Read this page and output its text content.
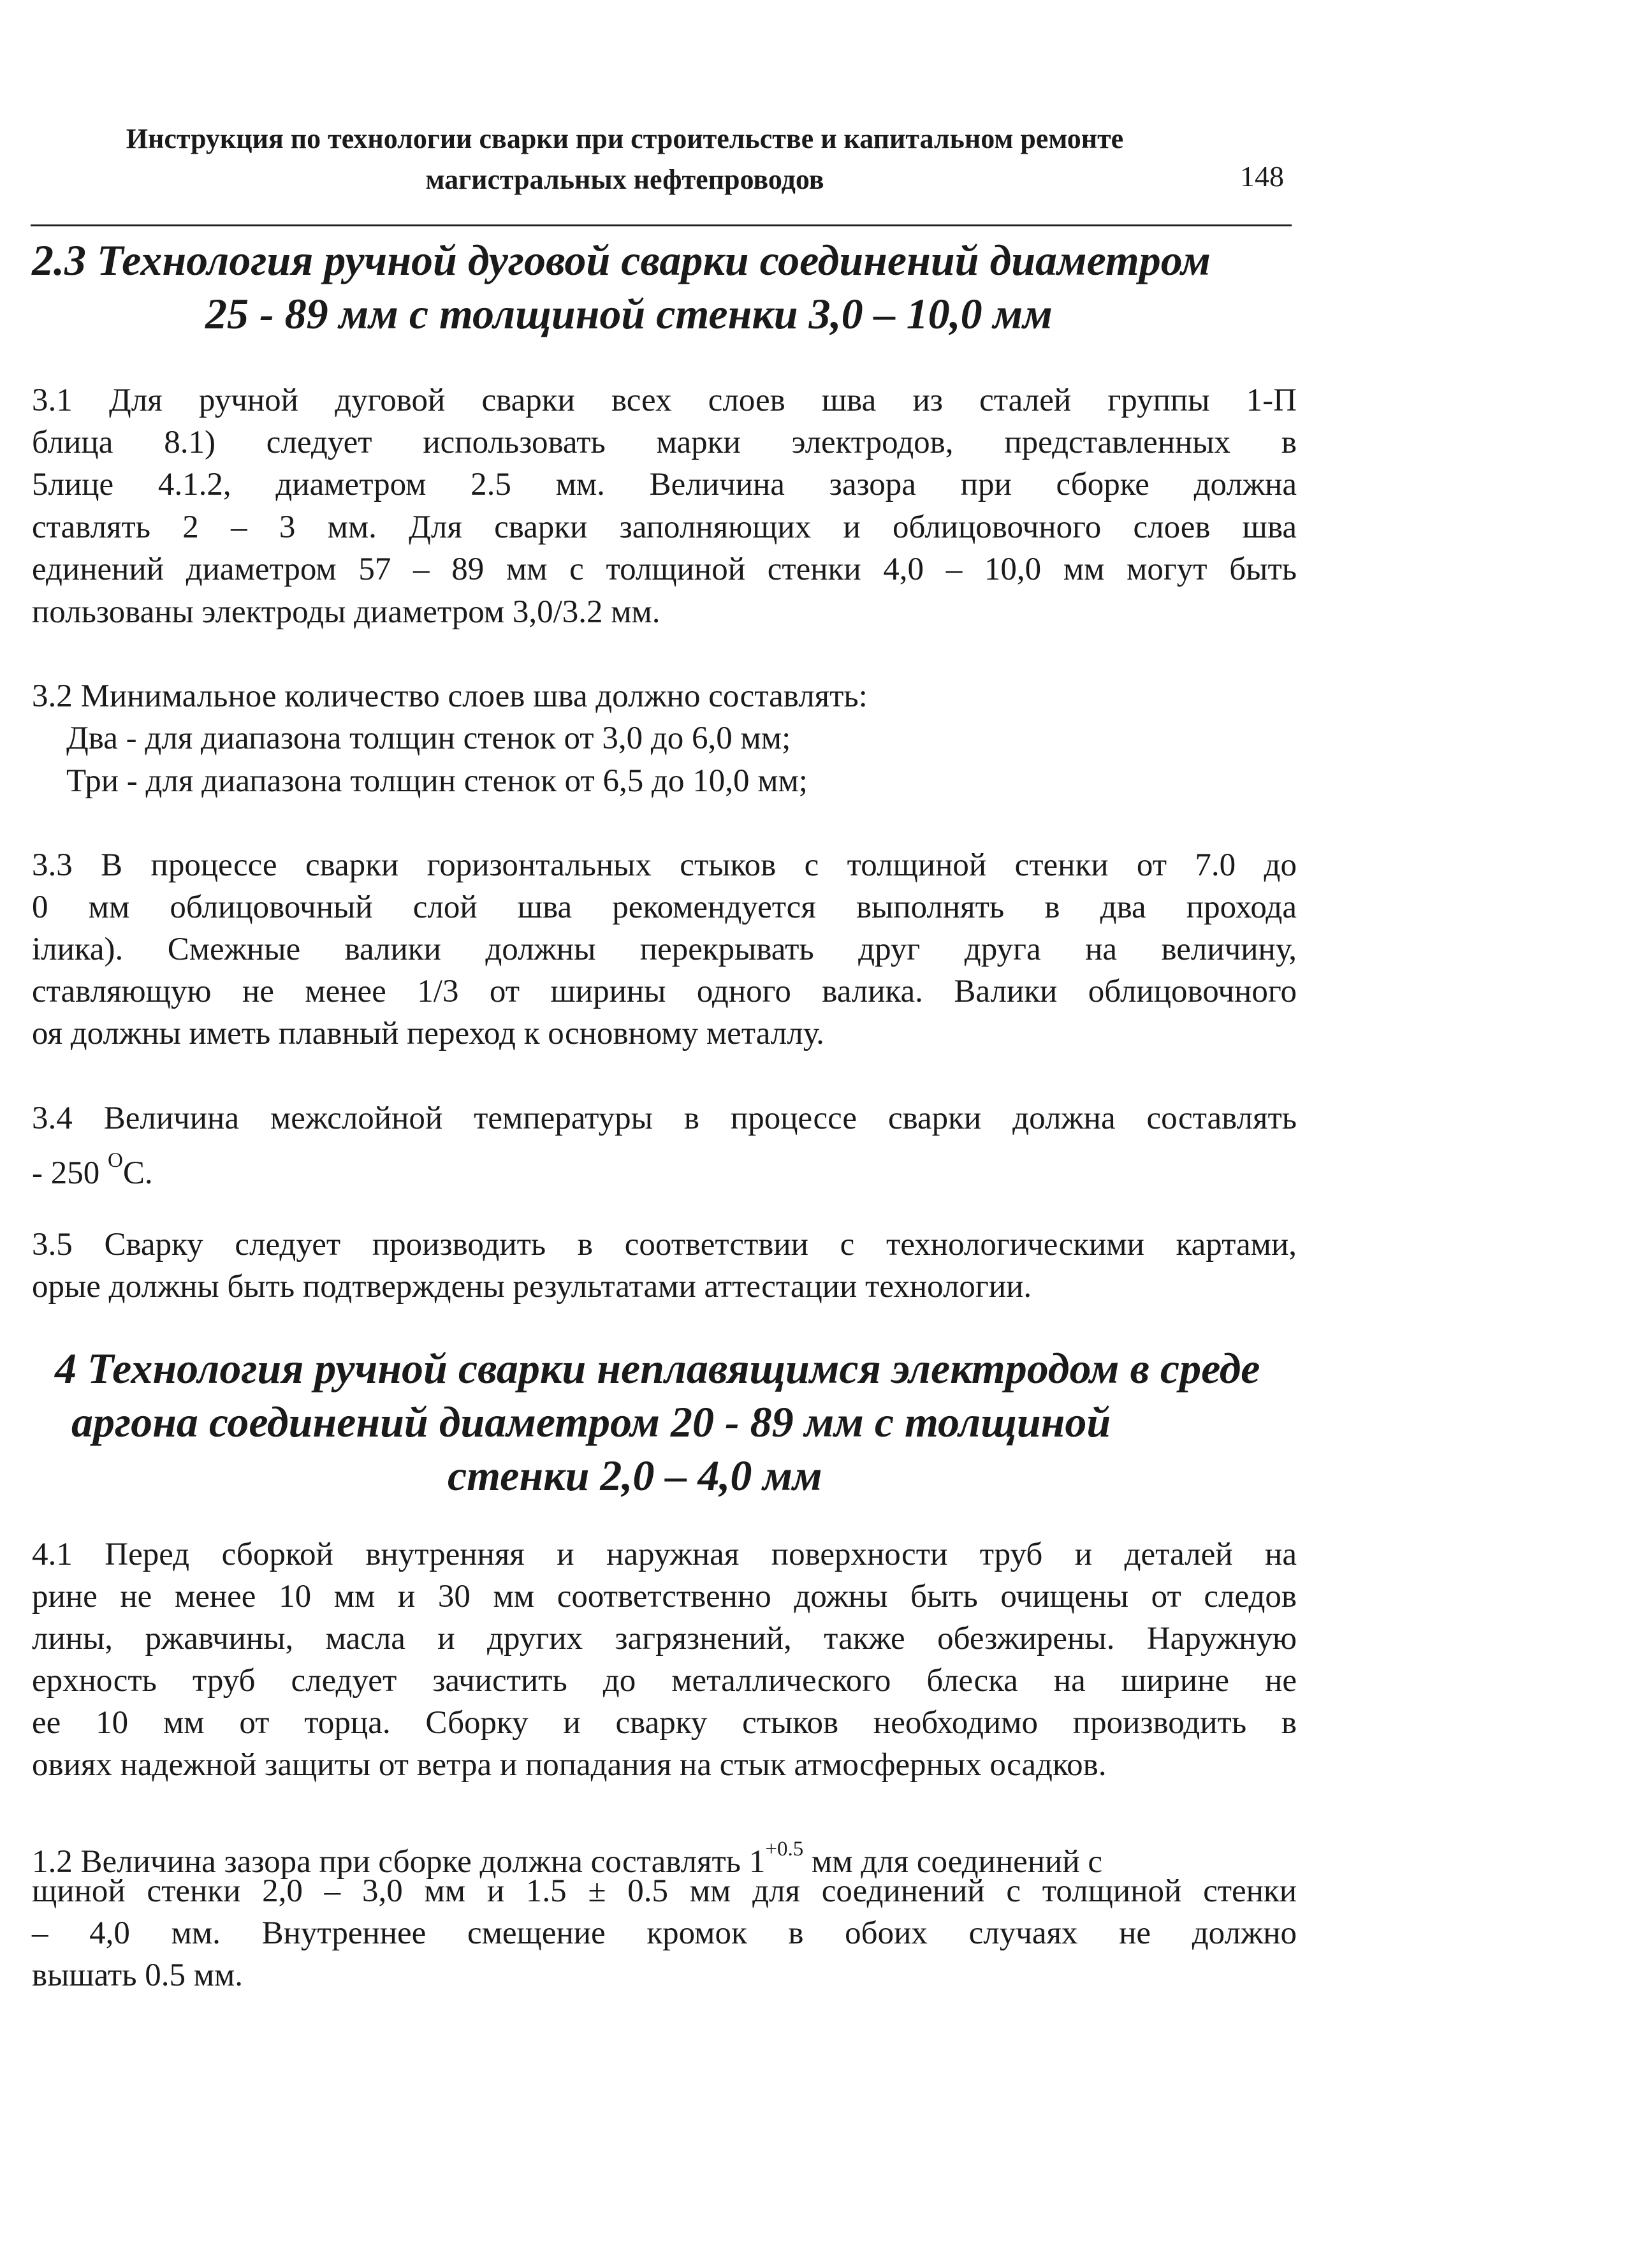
Инструкция по технологии сварки при строительстве и капитальном ремонте
магистральных нефтепроводов	148
2.3 Технология ручной дуговой сварки соединений диаметром
25 - 89 мм с толщиной стенки 3,0 – 10,0 мм
3.1 Для ручной дуговой сварки всех слоев шва из сталей группы 1-П
блица 8.1) следует использовать марки электродов, представленных в
5лице 4.1.2, диаметром 2.5 мм. Величина зазора при сборке должна
ставлять 2 – 3 мм. Для сварки заполняющих и облицовочного слоев шва
единений диаметром 57 – 89 мм с толщиной стенки 4,0 – 10,0 мм могут быть
пользованы электроды диаметром 3,0/3.2 мм.
3.2 Минимальное количество слоев шва должно составлять:
Два - для диапазона толщин стенок от 3,0 до 6,0 мм;
Три - для диапазона толщин стенок от 6,5 до 10,0 мм;
3.3 В процессе сварки горизонтальных стыков с толщиной стенки от 7.0 до
0 мм облицовочный слой шва рекомендуется выполнять в два прохода
ілика). Смежные валики должны перекрывать друг друга на величину,
ставляющую не менее 1/3 от ширины одного валика. Валики облицовочного
оя должны иметь плавный переход к основному металлу.
3.4 Величина межслойной температуры в процессе сварки должна составлять
- 250 $^O$C.
3.5 Сварку следует производить в соответствии с технологическими картами,
орые должны быть подтверждены результатами аттестации технологии.
4 Технология ручной сварки неплавящимся электродом в среде
аргона соединений диаметром 20 - 89 мм с толщиной
стенки 2,0 – 4,0 мм
4.1 Перед сборкой внутренняя и наружная поверхности труб и деталей на
рине не менее 10 мм и 30 мм соответственно дожны быть очищены от следов
лины, ржавчины, масла и других загрязнений, также обезжирены. Наружную
ерхность труб следует зачистить до металлического блеска на ширине не
ее 10 мм от торца. Сборку и сварку стыков необходимо производить в
овиях надежной защиты от ветра и попадания на стык атмосферных осадков.
1.2 Величина зазора при сборке должна составлять $1^{+0.5}$ мм для соединений с
щиной стенки 2,0 – 3,0 мм и 1.5 ± 0.5 мм для соединений с толщиной стенки
– 4,0 мм. Внутреннее смещение кромок в обоих случаях не должно
вышать 0.5 мм.
